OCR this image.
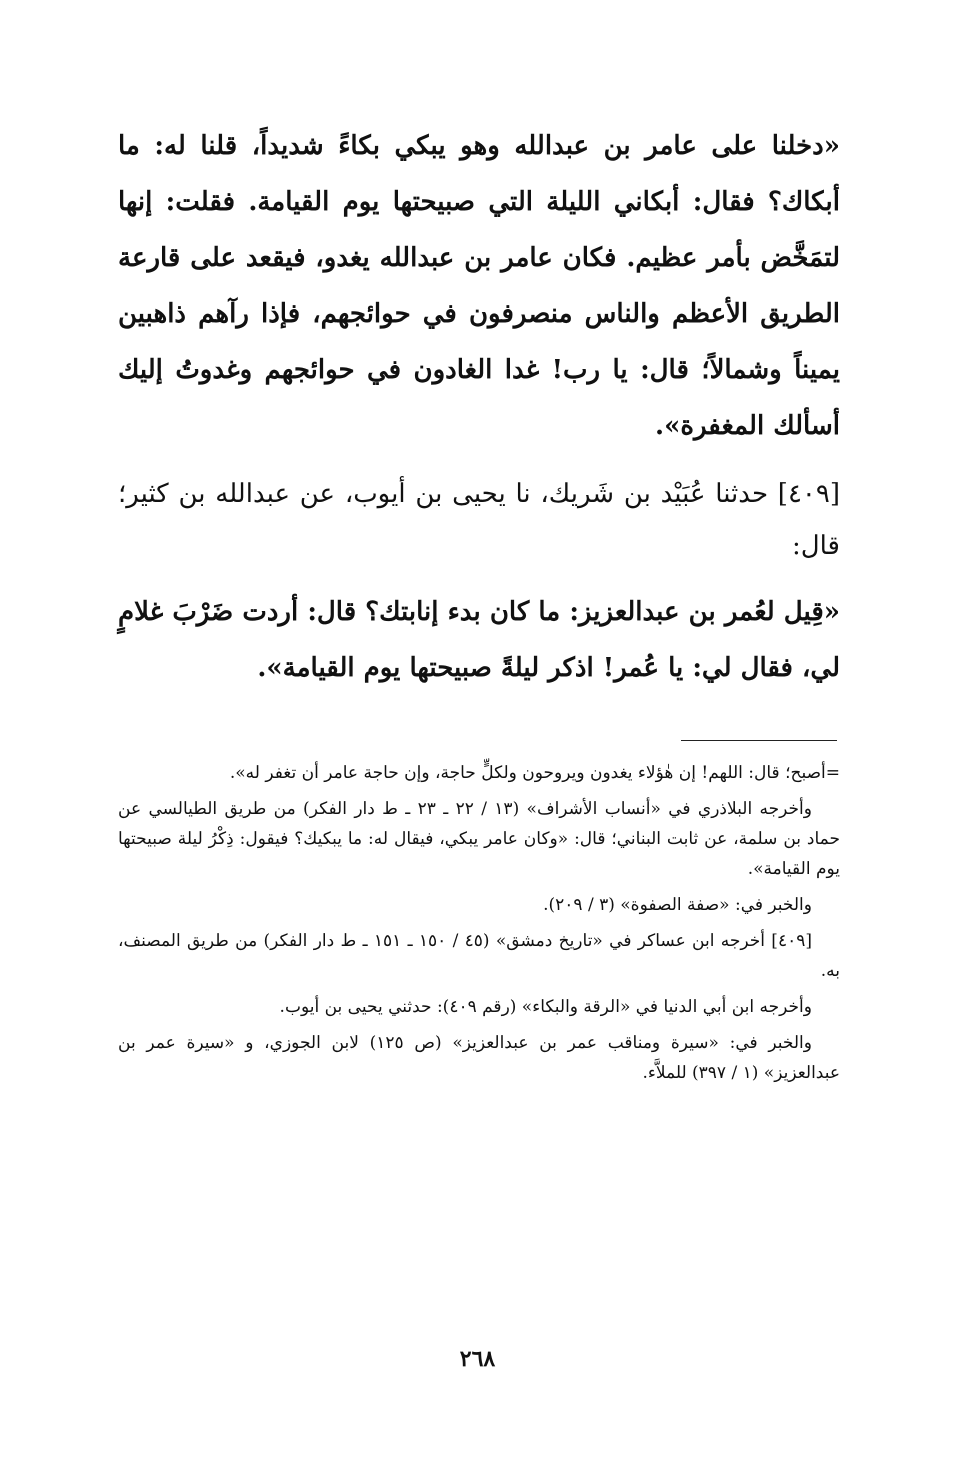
«دخلنا على عامر بن عبدالله وهو يبكي بكاءً شديداً، قلنا له: ما أبكاك؟ فقال: أبكاني الليلة التي صبيحتها يوم القيامة. فقلت: إنها لتمَخَّض بأمر عظيم. فكان عامر بن عبدالله يغدو، فيقعد على قارعة الطريق الأعظم والناس منصرفون في حوائجهم، فإذا رآهم ذاهبين يميناً وشمالاً؛ قال: يا رب! غدا الغادون في حوائجهم وغدوتُ إليك أسألك المغفرة».

[٤٠٩] حدثنا عُبَيْد بن شَريك، نا يحيى بن أيوب، عن عبدالله بن كثير؛ قال:

«قِيل لعُمر بن عبدالعزيز: ما كان بدء إنابتك؟ قال: أردت ضَرْبَ غلامٍ لي، فقال لي: يا عُمر! اذكر ليلةً صبيحتها يوم القيامة».

=أصبح؛ قال: اللهم! إن هٰؤلاء يغدون ويروحون ولكلٍّ حاجة، وإن حاجة عامر أن تغفر له».

وأخرجه البلاذري في «أنساب الأشراف» (١٣ / ٢٢ ـ ٢٣ ـ ط دار الفكر) من طريق الطيالسي عن حماد بن سلمة، عن ثابت البناني؛ قال: «وكان عامر يبكي، فيقال له: ما يبكيك؟ فيقول: ذِكْرُ ليلة صبيحتها يوم القيامة».

والخبر في: «صفة الصفوة» (٣ / ٢٠٩).

[٤٠٩] أخرجه ابن عساكر في «تاريخ دمشق» (٤٥ / ١٥٠ ـ ١٥١ ـ ط دار الفكر) من طريق المصنف، به.

وأخرجه ابن أبي الدنيا في «الرقة والبكاء» (رقم ٤٠٩): حدثني يحيى بن أيوب.

والخبر في: «سيرة ومناقب عمر بن عبدالعزيز» (ص ١٢٥) لابن الجوزي، و «سيرة عمر بن عبدالعزيز» (١ / ٣٩٧) للملاَّء.

٢٦٨
